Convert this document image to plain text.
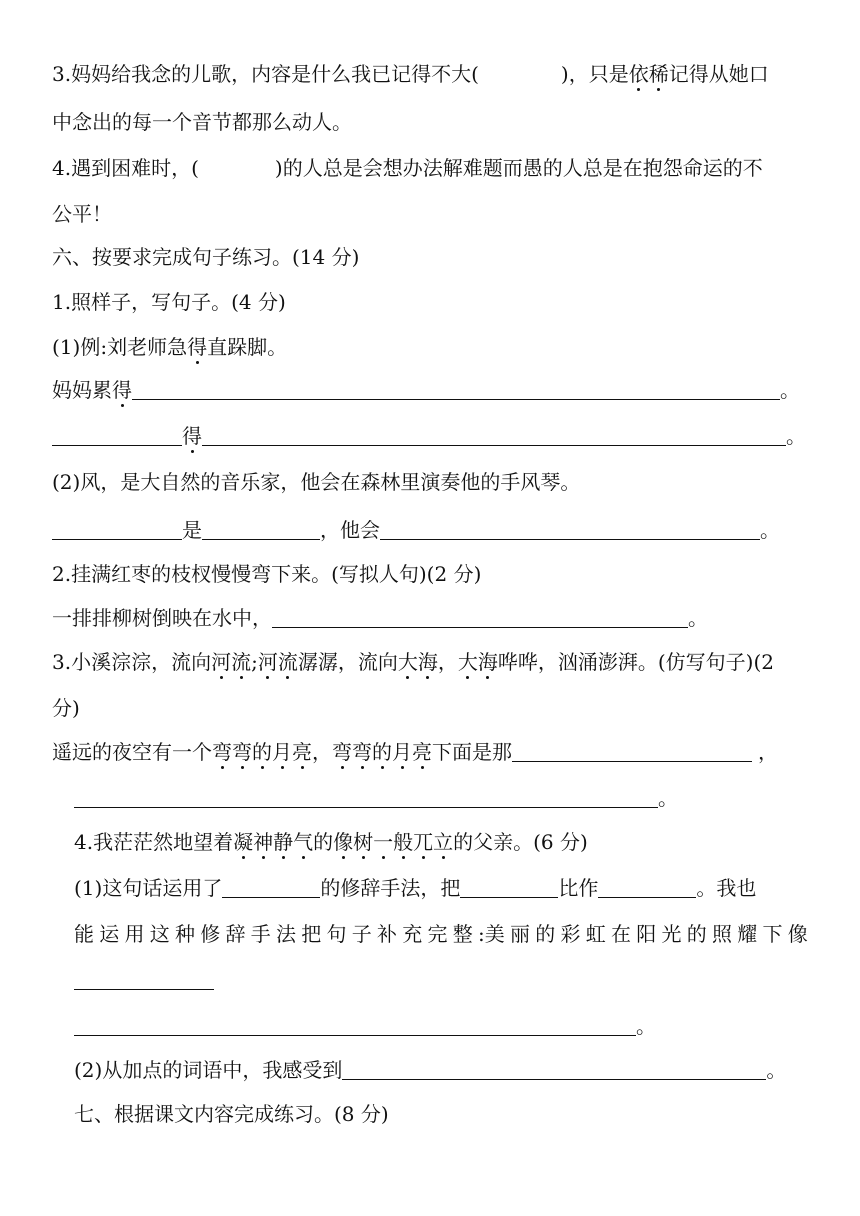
3.妈妈给我念的儿歌，内容是什么我已记得不大(	)，只是依稀记得从她口
中念出的每一个音节都那么动人。
4.遇到困难时，(	)的人总是会想办法解难题而愚的人总是在抱怨命运的不
公平！
六、按要求完成句子练习。(14 分)
1.照样子，写句子。(4 分)
(1)例:刘老师急得直跺脚。
妈妈累得	。
得	。
(2)风，是大自然的音乐家，他会在森林里演奏他的手风琴。
是	，他会	。
2.挂满红枣的枝杈慢慢弯下来。(写拟人句)(2 分)
一排排柳树倒映在水中，	。
3.小溪淙淙，流向河流;河流潺潺，流向大海，大海哗哗，汹涌澎湃。(仿写句子)(2
分)
遥远的夜空有一个弯弯的月亮，弯弯的月亮下面是那	，
。
4.我茫茫然地望着凝神静气的像树一般兀立的父亲。(6 分)
(1)这句话运用了	的修辞手法，把	比作	。我也
能 运 用 这 种 修 辞 手 法 把 句 子 补 充 完 整 :美 丽 的 彩 虹 在 阳 光 的 照 耀 下 像
。
(2)从加点的词语中，我感受到	。
七、根据课文内容完成练习。(8 分)
